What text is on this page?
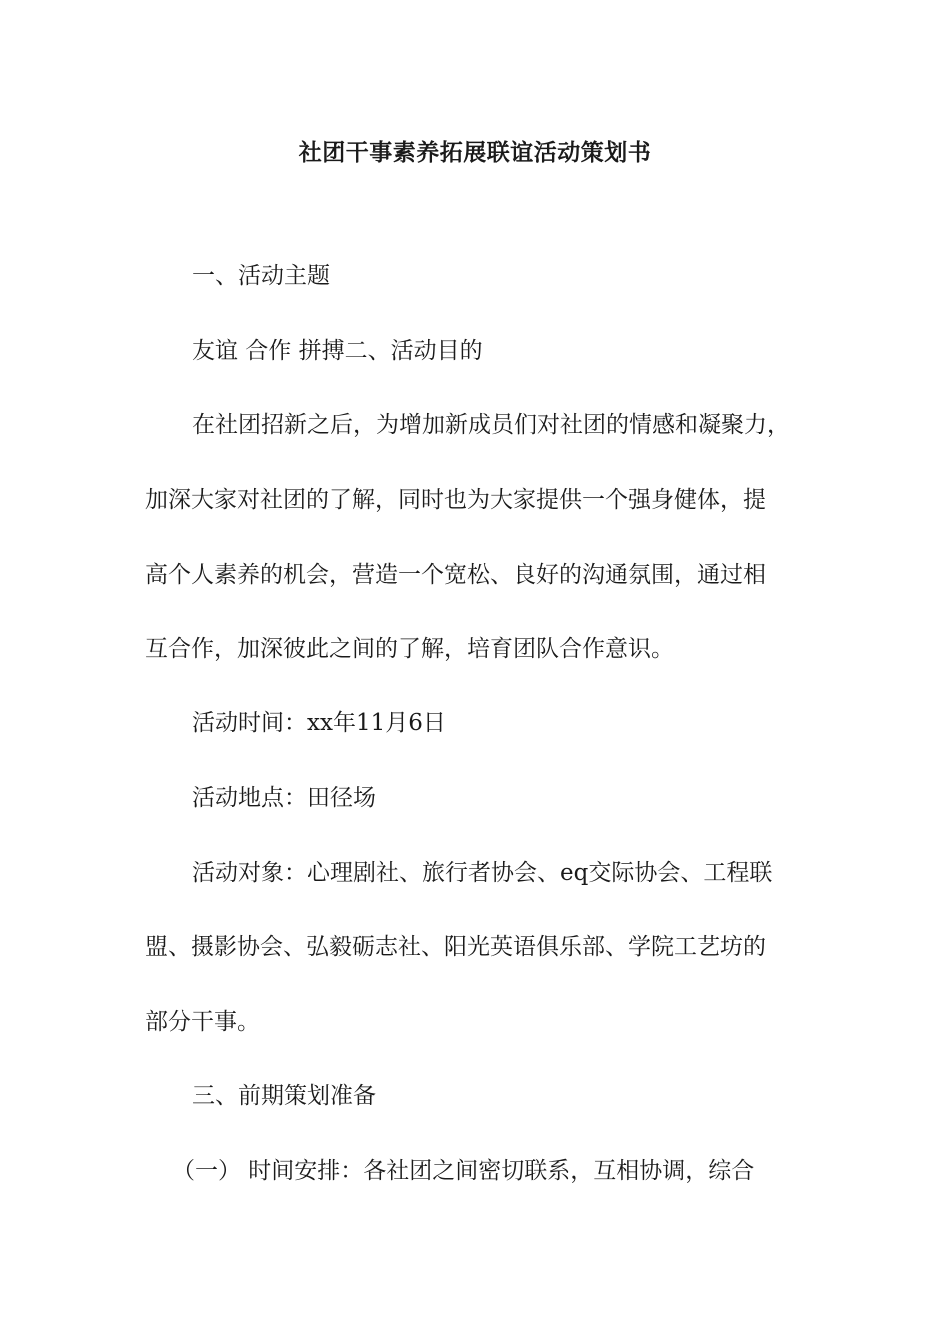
社团干事素养拓展联谊活动策划书

一、活动主题

友谊 合作 拼搏二、活动目的

在社团招新之后，为增加新成员们对社团的情感和凝聚力，

加深大家对社团的了解，同时也为大家提供一个强身健体，提

高个人素养的机会，营造一个宽松、良好的沟通氛围，通过相

互合作，加深彼此之间的了解，培育团队合作意识。

活动时间：xx年11月6日

活动地点：田径场

活动对象：心理剧社、旅行者协会、eq交际协会、工程联

盟、摄影协会、弘毅砺志社、阳光英语俱乐部、学院工艺坊的

部分干事。

三、前期策划准备

（一） 时间安排：各社团之间密切联系，互相协调，综合
